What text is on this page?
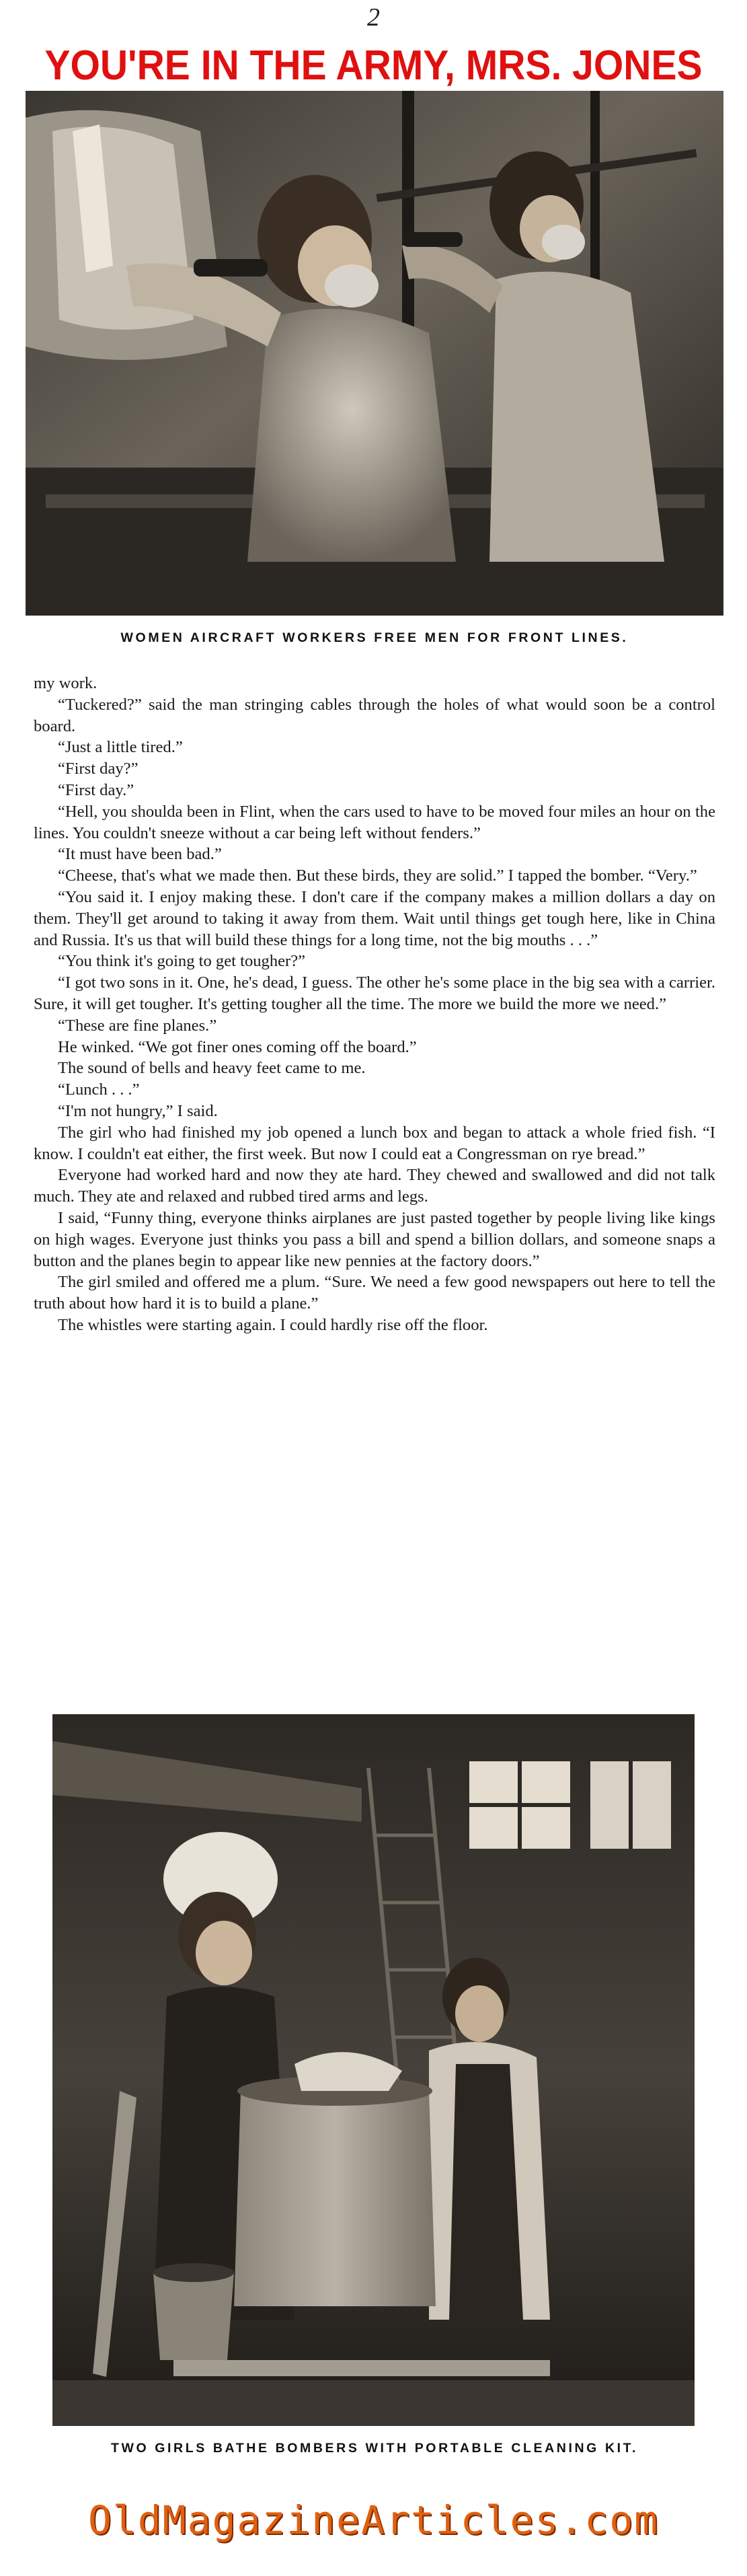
2
YOU'RE IN THE ARMY, MRS. JONES
WOMEN AIRCRAFT WORKERS FREE MEN FOR FRONT LINES.

my work.

“Tuckered?” said the man stringing cables through the holes of what would soon be a control board.

“Just a little tired.”

“First day?”

“First day.”

“Hell, you shoulda been in Flint, when the cars used to have to be moved four miles an hour on the lines. You couldn't sneeze without a car being left without fenders.”

“It must have been bad.”

“Cheese, that's what we made then. But these birds, they are solid.” I tapped the bomber. “Very.”

“You said it. I enjoy making these. I don't care if the company makes a million dollars a day on them. They'll get around to taking it away from them. Wait until things get tough here, like in China and Russia. It's us that will build these things for a long time, not the big mouths . . .”

“You think it's going to get tougher?”

“I got two sons in it. One, he's dead, I guess. The other he's some place in the big sea with a carrier. Sure, it will get tougher. It's getting tougher all the time. The more we build the more we need.”

“These are fine planes.”

He winked. “We got finer ones coming off the board.”

The sound of bells and heavy feet came to me.

“Lunch . . .”

“I'm not hungry,” I said.

The girl who had finished my job opened a lunch box and began to attack a whole fried fish. “I know. I couldn't eat either, the first week. But now I could eat a Congressman on rye bread.”

Everyone had worked hard and now they ate hard. They chewed and swallowed and did not talk much. They ate and relaxed and rubbed tired arms and legs.

I said, “Funny thing, everyone thinks airplanes are just pasted together by people living like kings on high wages. Everyone just thinks you pass a bill and spend a billion dollars, and someone snaps a button and the planes begin to appear like new pennies at the factory doors.”

The girl smiled and offered me a plum. “Sure. We need a few good newspapers out here to tell the truth about how hard it is to build a plane.”

The whistles were starting again. I could hardly rise off the floor.

TWO GIRLS BATHE BOMBERS WITH PORTABLE CLEANING KIT.
OldMagazineArticles.com
